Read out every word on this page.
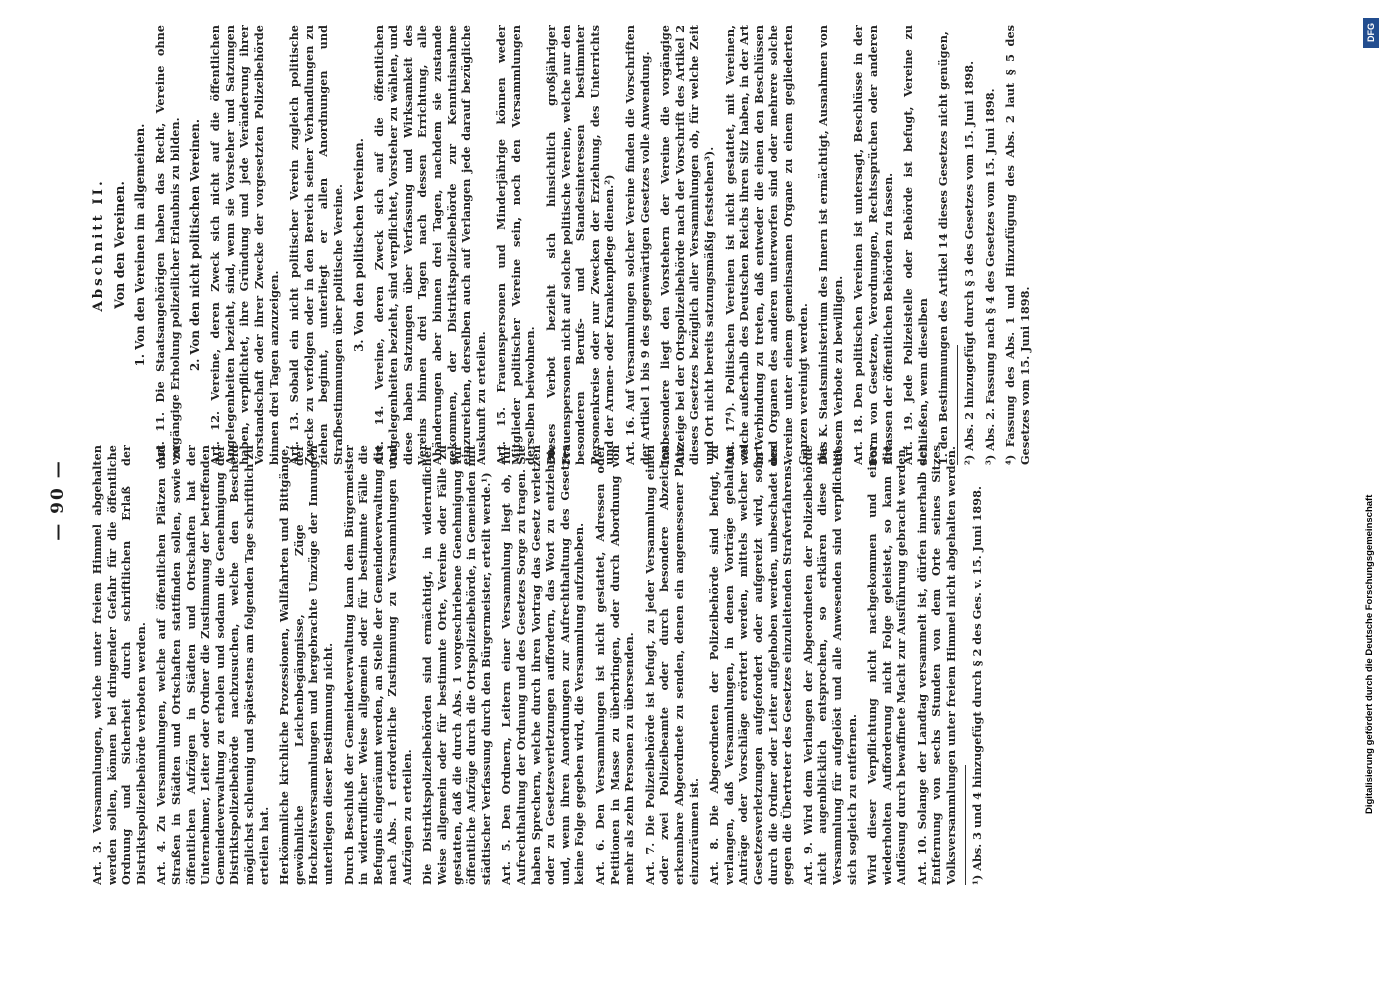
— 90 —	Art. 3. Versammlungen, welche unter freiem Himmel abgehalten werden sollen, können bei dringender Gefahr für die öffentliche Ordnung und Sicherheit durch schriftlichen Erlaß der Distriktspolizeibehörde verboten werden. Art. 4. Zu Versammlungen, welche auf öffentlichen Plätzen und Straßen in Städten und Ortschaften stattfinden sollen, sowie zu öffentlichen Aufzügen in Städten und Ortschaften hat der Unternehmer, Leiter oder Ordner die Zustimmung der betreffenden Gemeindeverwaltung zu erholen und sodann die Genehmigung der Distriktspolizeibehörde nachzusuchen, welche den Bescheid möglichst schleunig und spätestens am folgenden Tage schriftlich zu erteilen hat. Herkömmliche kirchliche Prozessionen, Wallfahrten und Bittgänge, gewöhnliche Leichenbegängnisse, Züge der Hochzeitsversammlungen und hergebrachte Umzüge der Innungen unterliegen dieser Bestimmung nicht. Durch Beschluß der Gemeindeverwaltung kann dem Bürgermeister in widerruflicher Weise allgemein oder für bestimmte Fälle die Befugnis eingeräumt werden, an Stelle der Gemeindeverwaltung die nach Abs. 1 erforderliche Zustimmung zu Versammlungen und Aufzügen zu erteilen. Die Distriktspolizeibehörden sind ermächtigt, in widerruflicher Weise allgemein oder für bestimmte Orte, Vereine oder Fälle zu gestatten, daß die durch Abs. 1 vorgeschriebene Genehmigung für öffentliche Aufzüge durch die Ortspolizeibehörde, in Gemeinden mit städtischer Verfassung durch den Bürgermeister, erteilt werde.¹) Art. 5. Den Ordnern, Leitern einer Versammlung liegt ob, für Aufrechthaltung der Ordnung und des Gesetzes Sorge zu tragen. Sie haben Sprechern, welche durch ihren Vortrag das Gesetz verletzen oder zu Gesetzesverletzungen auffordern, das Wort zu entziehen, und, wenn ihren Anordnungen zur Aufrechthaltung des Gesetzes keine Folge gegeben wird, die Versammlung aufzuheben. Art. 6. Den Versammlungen ist nicht gestattet, Adressen oder Petitionen in Masse zu überbringen, oder durch Abordnung von mehr als zehn Personen zu übersenden. Art. 7. Die Polizeibehörde ist befugt, zu jeder Versammlung einen oder zwei Polizeibeamte oder durch besondere Abzeichen erkennbare Abgeordnete zu senden, denen ein angemessener Platz einzuräumen ist. Art. 8. Die Abgeordneten der Polizeibehörde sind befugt, zu verlangen, daß Versammlungen, in denen Vorträge gehalten, Anträge oder Vorschläge erörtert werden, mittels welcher zu Gesetzesverletzungen aufgefordert oder aufgereizt wird, sofort durch die Ordner oder Leiter aufgehoben werden, unbeschadet des gegen die Übertreter des Gesetzes einzuleitenden Strafverfahrens. Art. 9. Wird dem Verlangen der Abgeordneten der Polizeibehörde nicht augenblicklich entsprochen, so erklären diese die Versammlung für aufgelöst und alle Anwesenden sind verpflichtet, sich sogleich zu entfernen. Wird dieser Verpflichtung nicht nachgekommen und einer wiederholten Aufforderung nicht Folge geleistet, so kann die Auflösung durch bewaffnete Macht zur Ausführung gebracht werden. Art. 10. Solange der Landtag versammelt ist, dürfen innerhalb der Entfernung von sechs Stunden von dem Orte seines Sitzes Volksversammlungen unter freiem Himmel nicht abgehalten werden. ¹) Abs. 3 und 4 hinzugefügt durch § 2 des Ges. v. 15. Juni 1898.

Abschnitt II. Von den Vereinen. 1. Von den Vereinen im allgemeinen. Art. 11. Die Staatsangehörigen haben das Recht, Vereine ohne vorgängige Erholung polizeilicher Erlaubnis zu bilden. 2. Von den nicht politischen Vereinen. Art. 12. Vereine, deren Zweck sich nicht auf die öffentlichen Angelegenheiten bezieht, sind, wenn sie Vorsteher und Satzungen haben, verpflichtet, ihre Gründung und jede Veränderung ihrer Vorstandschaft oder ihrer Zwecke der vorgesetzten Polizeibehörde binnen drei Tagen anzuzeigen. Art. 13. Sobald ein nicht politischer Verein zugleich politische Zwecke zu verfolgen oder in den Bereich seiner Verhandlungen zu ziehen beginnt, unterliegt er allen Anordnungen und Strafbestimmungen über politische Vereine. 3. Von den politischen Vereinen. Art. 14. Vereine, deren Zweck sich auf die öffentlichen Angelegenheiten bezieht, sind verpflichtet, Vorsteher zu wählen, und diese haben Satzungen über Verfassung und Wirksamkeit des Vereins binnen drei Tagen nach dessen Errichtung, alle Abänderungen aber binnen drei Tagen, nachdem sie zustande gekommen, der Distriktspolizeibehörde zur Kenntnisnahme einzureichen, derselben auch auf Verlangen jede darauf bezügliche Auskunft zu erteilen. Art. 15. Frauenspersonen und Minderjährige können weder Mitglieder politischer Vereine sein, noch den Versammlungen derselben beiwohnen. Dieses Verbot bezieht sich hinsichtlich großjähriger Frauenspersonen nicht auf solche politische Vereine, welche nur den besonderen Berufs- und Standesinteressen bestimmter Personenkreise oder nur Zwecken der Erziehung, des Unterrichts und der Armen- oder Krankenpflege dienen.²) Art. 16. Auf Versammlungen solcher Vereine finden die Vorschriften der Artikel 1 bis 9 des gegenwärtigen Gesetzes volle Anwendung. Insbesondere liegt den Vorstehern der Vereine die vorgängige Anzeige bei der Ortspolizeibehörde nach der Vorschrift des Artikel 2 dieses Gesetzes bezüglich aller Versammlungen ob, für welche Zeit und Ort nicht bereits satzungsmäßig feststehen³). Art. 17⁴). Politischen Vereinen ist nicht gestattet, mit Vereinen, welche außerhalb des Deutschen Reichs ihren Sitz haben, in der Art in Verbindung zu treten, daß entweder die einen den Beschlüssen und Organen des anderen unterworfen sind oder mehrere solche Vereine unter einem gemeinsamen Organe zu einem gegliederten Ganzen vereinigt werden. Das K. Staatsministerium des Innern ist ermächtigt, Ausnahmen von diesem Verbote zu bewilligen. Art. 18. Den politischen Vereinen ist untersagt, Beschlüsse in der Form von Gesetzen, Verordnungen, Rechtssprüchen oder anderen Erlassen der öffentlichen Behörden zu fassen. Art. 19. Jede Polizeistelle oder Behörde ist befugt, Vereine zu schließen, wenn dieselben 1. den Bestimmungen des Artikel 14 dieses Gesetzes nicht genügen, ²) Abs. 2 hinzugefügt durch § 3 des Gesetzes vom 15. Juni 1898. ³) Abs. 2. Fassung nach § 4 des Gesetzes vom 15. Juni 1898. ⁴) Fassung des Abs. 1 und Hinzufügung des Abs. 2 laut § 5 des Gesetzes vom 15. Juni 1898.

DFG
Digitalisierung gefördert durch die Deutsche Forschungsgemeinschaft
